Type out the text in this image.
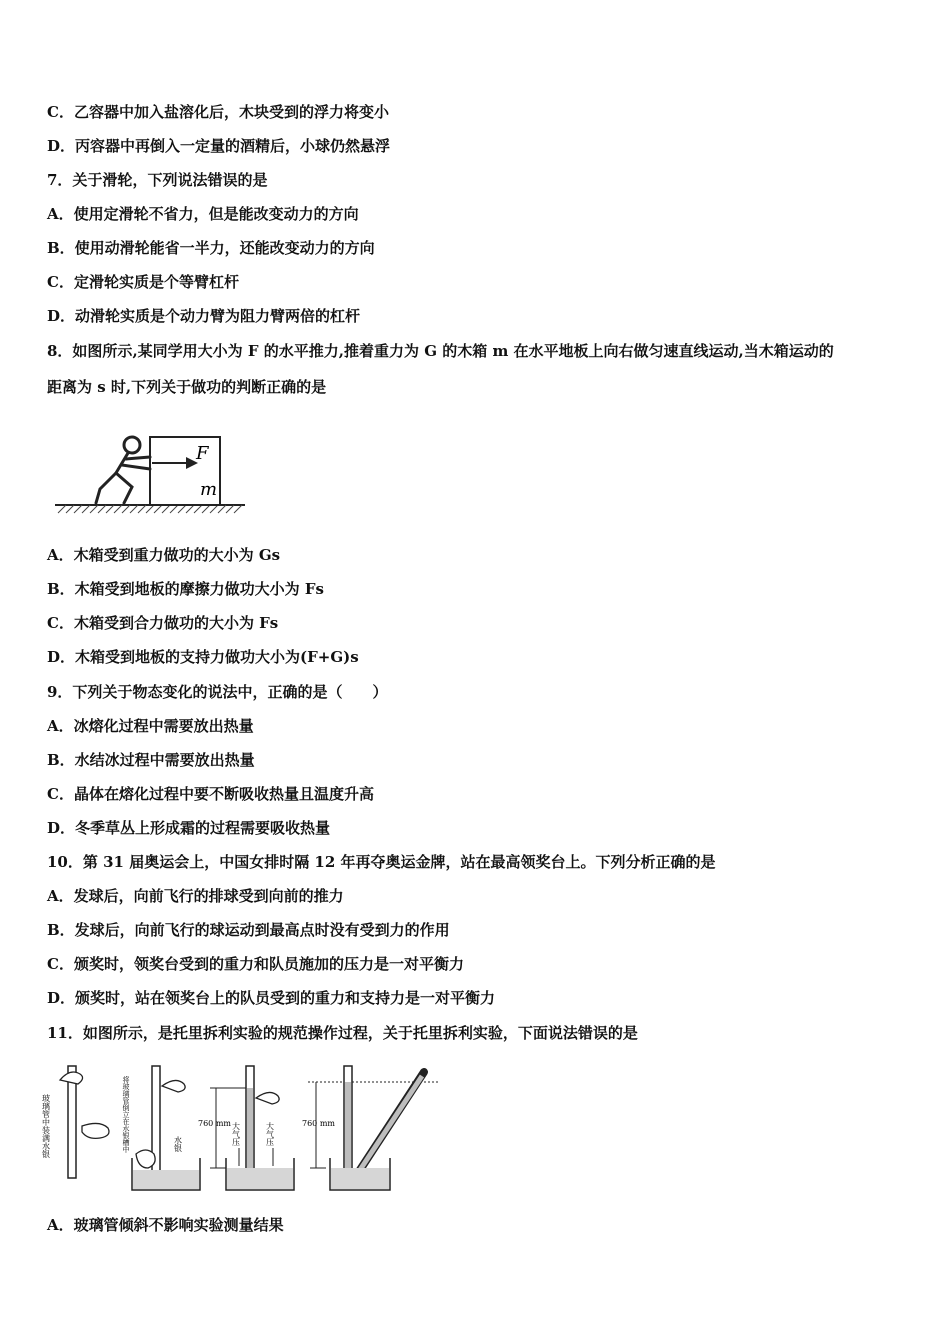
C．乙容器中加入盐溶化后，木块受到的浮力将变小
D．丙容器中再倒入一定量的酒精后，小球仍然悬浮
7．关于滑轮，下列说法错误的是
A．使用定滑轮不省力，但是能改变动力的方向
B．使用动滑轮能省一半力，还能改变动力的方向
C．定滑轮实质是个等臂杠杆
D．动滑轮实质是个动力臂为阻力臂两倍的杠杆
8．如图所示,某同学用大小为 F 的水平推力,推着重力为 G 的木箱 m 在水平地板上向右做匀速直线运动,当木箱运动的
距离为 s 时,下列关于做功的判断正确的是
F
m
A．木箱受到重力做功的大小为 Gs
B．木箱受到地板的摩擦力做功大小为 Fs
C．木箱受到合力做功的大小为 Fs
D．木箱受到地板的支持力做功大小为(F+G)s
9．下列关于物态变化的说法中，正确的是（　　）
A．冰熔化过程中需要放出热量
B．水结冰过程中需要放出热量
C．晶体在熔化过程中要不断吸收热量且温度升高
D．冬季草丛上形成霜的过程需要吸收热量
10．第 31 届奥运会上，中国女排时隔 12 年再夺奥运金牌，站在最高领奖台上。下列分析正确的是
A．发球后，向前飞行的排球受到向前的推力
B．发球后，向前飞行的球运动到最高点时没有受到力的作用
C．颁奖时，领奖台受到的重力和队员施加的压力是一对平衡力
D．颁奖时，站在领奖台上的队员受到的重力和支持力是一对平衡力
11．如图所示，是托里拆利实验的规范操作过程，关于托里拆利实验，下面说法错误的是
玻璃管中装满水银	将玻璃管倒立在水银槽中	水银
760 mm 大气压	大气压	760 mm
A．玻璃管倾斜不影响实验测量结果
